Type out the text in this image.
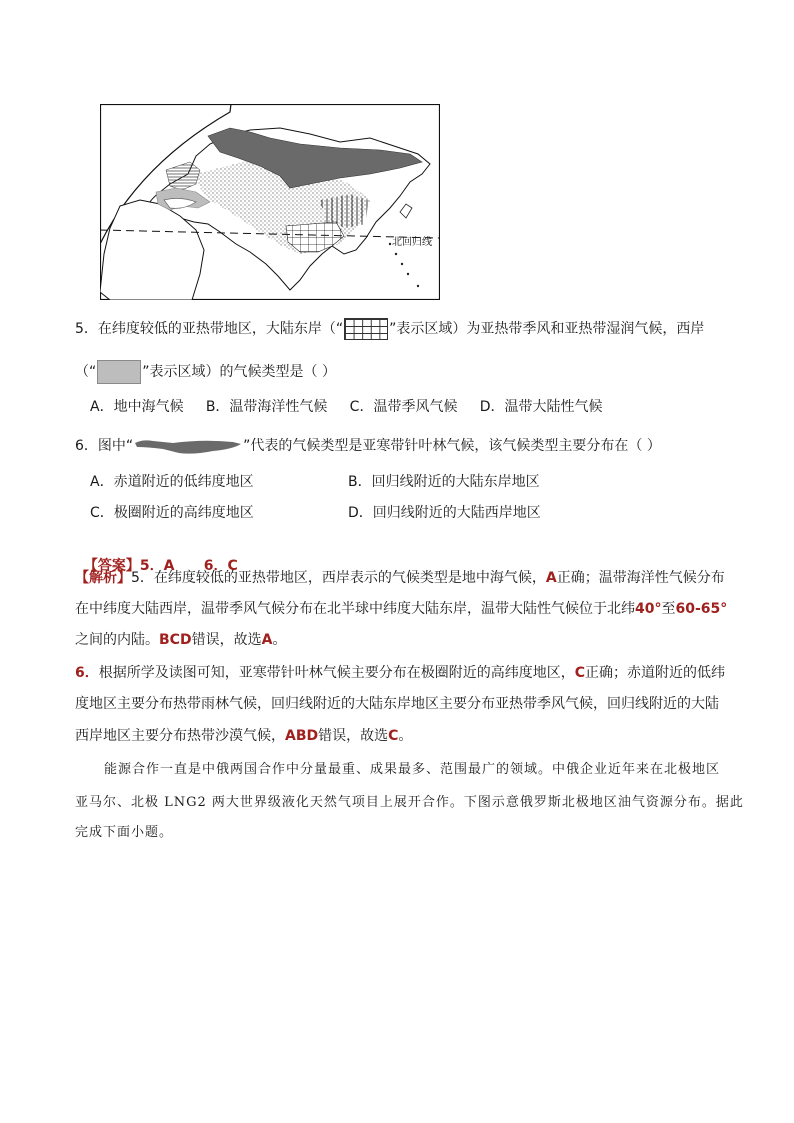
北回归线
5．在纬度较低的亚热带地区，大陆东岸（“	”表示区域）为亚热带季风和亚热带湿润气候，西岸
（“	”表示区域）的气候类型是（ ）
A．地中海气候     B．温带海洋性气候     C．温带季风气候     D．温带大陆性气候
6．图中“	”代表的气候类型是亚寒带针叶林气候，该气候类型主要分布在（ ）
A．赤道附近的低纬度地区	B．回归线附近的大陆东岸地区
C．极圈附近的高纬度地区	D．回归线附近的大陆西岸地区

【答案】5．A      6．C

【解析】5．在纬度较低的亚热带地区，西岸表示的气候类型是地中海气候，A正确；温带海洋性气候分布
在中纬度大陆西岸，温带季风气候分布在北半球中纬度大陆东岸，温带大陆性气候位于北纬40°至60-65°
之间的内陆。BCD错误，故选A。
6．根据所学及读图可知，亚寒带针叶林气候主要分布在极圈附近的高纬度地区，C正确；赤道附近的低纬
度地区主要分布热带雨林气候，回归线附近的大陆东岸地区主要分布亚热带季风气候，回归线附近的大陆
西岸地区主要分布热带沙漠气候，ABD错误，故选C。
能源合作一直是中俄两国合作中分量最重、成果最多、范围最广的领域。中俄企业近年来在北极地区
亚马尔、北极 LNG2 两大世界级液化天然气项目上展开合作。下图示意俄罗斯北极地区油气资源分布。据此
完成下面小题。
